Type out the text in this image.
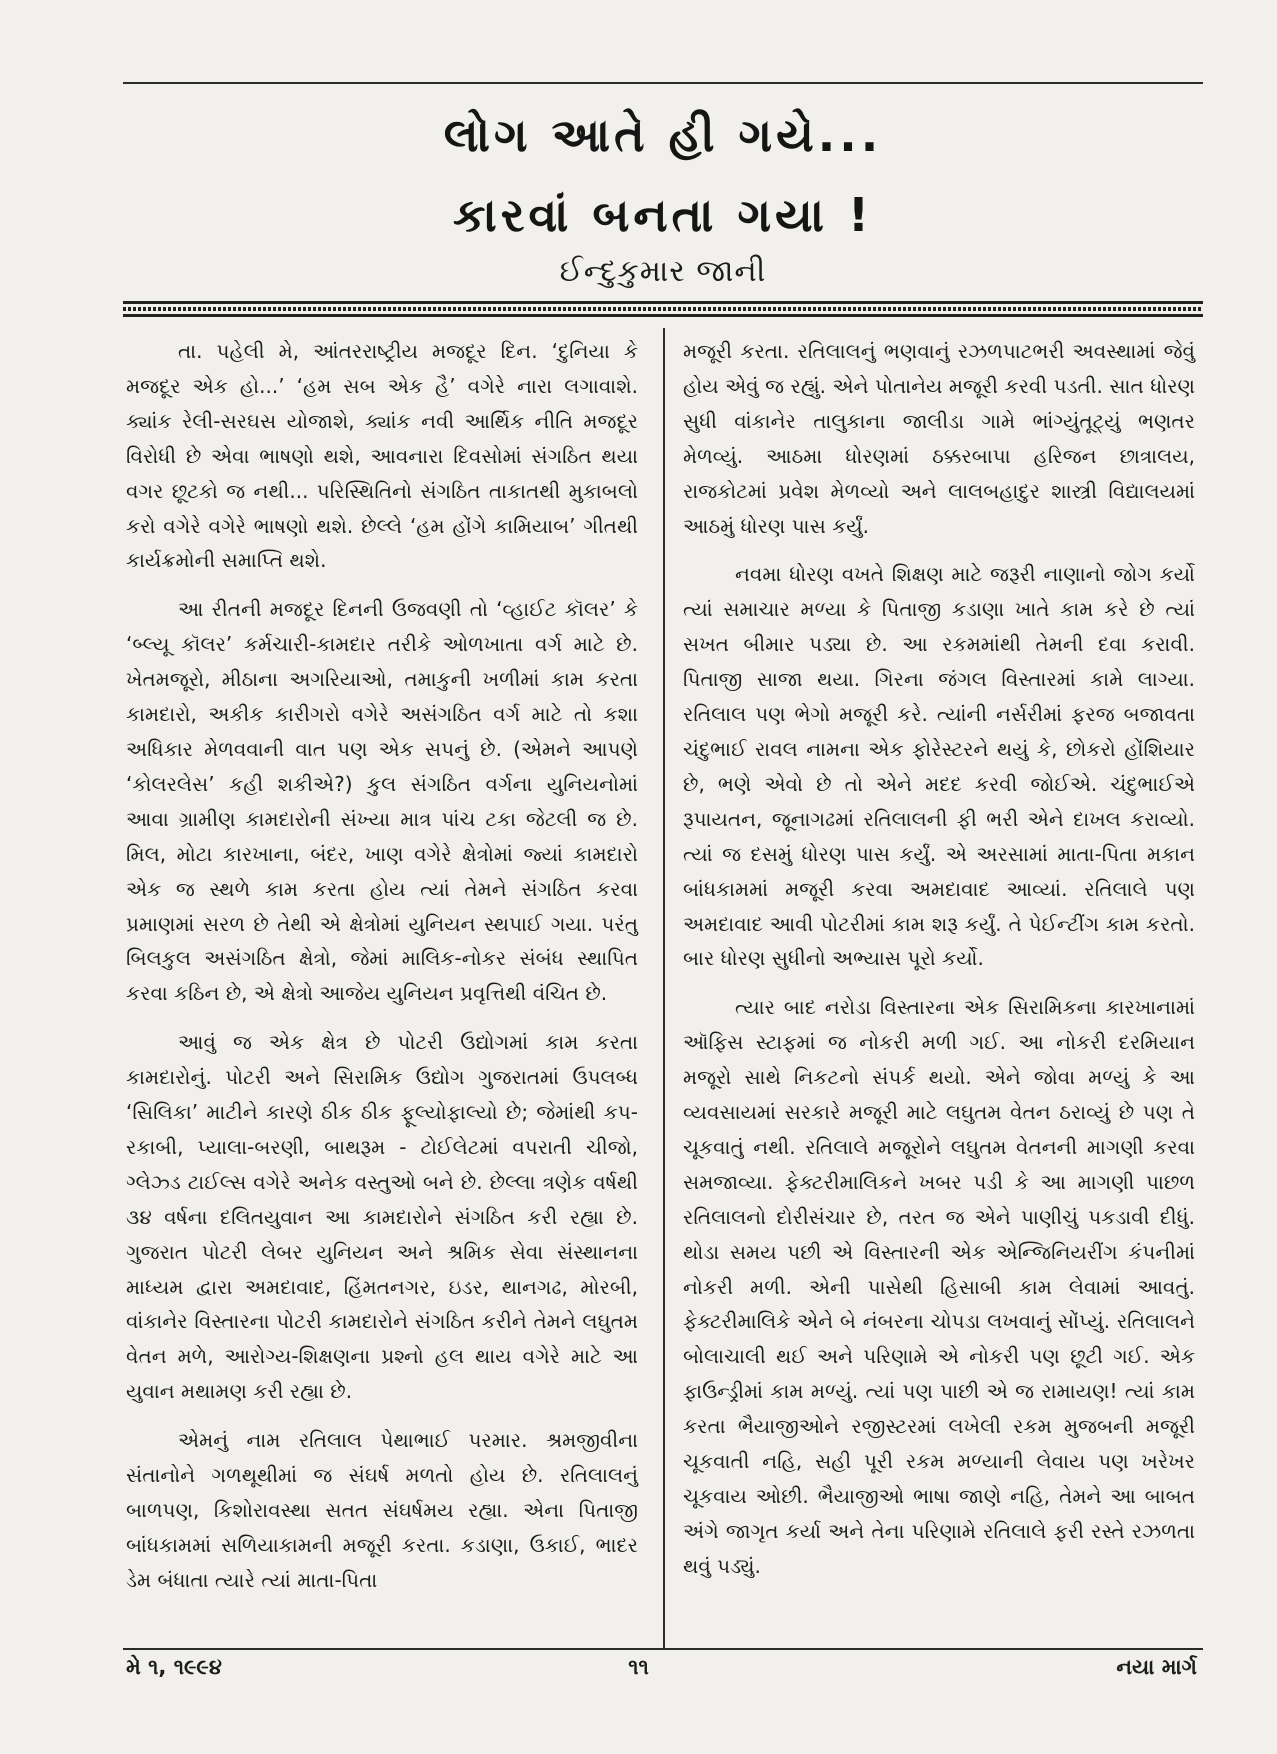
લોગ આતે હી ગયે...
કારવાં બનતા ગયા !
ઈન્દુકુમાર જાની

તા. પહેલી મે, આંતરરાષ્ટ્રીય મજદૂર દિન. ‘દુનિયા કે મજદૂર એક હો...’ ‘હમ સબ એક હૈ’ વગેરે નારા લગાવાશે. ક્યાંક રેલી-સરઘસ યોજાશે, ક્યાંક નવી આર્થિક નીતિ મજદૂર વિરોધી છે એવા ભાષણો થશે, આવનારા દિવસોમાં સંગઠિત થયા વગર છૂટકો જ નથી... પરિસ્થિતિનો સંગઠિત તાકાતથી મુકાબલો કરો વગેરે વગેરે ભાષણો થશે. છેલ્લે ‘હમ હોંગે કામિયાબ’ ગીતથી કાર્યક્રમોની સમાપ્તિ થશે.

આ રીતની મજદૂર દિનની ઉજવણી તો ‘વ્હાઈટ કૉલર’ કે ‘બ્લ્યૂ કૉલર’ કર્મચારી-કામદાર તરીકે ઓળખાતા વર્ગ માટે છે. ખેતમજૂરો, મીઠાના અગરિયાઓ, તમાકુની ખળીમાં કામ કરતા કામદારો, અકીક કારીગરો વગેરે અસંગઠિત વર્ગ માટે તો કશા અધિકાર મેળવવાની વાત પણ એક સપનું છે. (એમને આપણે ‘કોલરલેસ’ કહી શકીએ?) કુલ સંગઠિત વર્ગના યુનિયનોમાં આવા ગ્રામીણ કામદારોની સંખ્યા માત્ર પાંચ ટકા જેટલી જ છે. મિલ, મોટા કારખાના, બંદર, ખાણ વગેરે ક્ષેત્રોમાં જ્યાં કામદારો એક જ સ્થળે કામ કરતા હોય ત્યાં તેમને સંગઠિત કરવા પ્રમાણમાં સરળ છે તેથી એ ક્ષેત્રોમાં યુનિયન સ્થપાઈ ગયા. પરંતુ બિલકુલ અસંગઠિત ક્ષેત્રો, જેમાં માલિક-નોકર સંબંધ સ્થાપિત કરવા કઠિન છે, એ ક્ષેત્રો આજેય યુનિયન પ્રવૃત્તિથી વંચિત છે.

આવું જ એક ક્ષેત્ર છે પોટરી ઉદ્યોગમાં કામ કરતા કામદારોનું. પોટરી અને સિરામિક ઉદ્યોગ ગુજરાતમાં ઉપલબ્ધ ‘સિલિકા’ માટીને કારણે ઠીક ઠીક ફૂલ્યોફાલ્યો છે; જેમાંથી કપ-રકાબી, પ્યાલા-બરણી, બાથરૂમ - ટોઈલેટમાં વપરાતી ચીજો, ગ્લેઝ્ડ ટાઈલ્સ વગેરે અનેક વસ્તુઓ બને છે. છેલ્લા ત્રણેક વર્ષથી ૩૪ વર્ષના દલિતયુવાન આ કામદારોને સંગઠિત કરી રહ્યા છે. ગુજરાત પોટરી લેબર યુનિયન અને શ્રમિક સેવા સંસ્થાનના માધ્યમ દ્વારા અમદાવાદ, હિંમતનગર, ઇડર, થાનગઢ, મોરબી, વાંકાનેર વિસ્તારના પોટરી કામદારોને સંગઠિત કરીને તેમને લઘુતમ વેતન મળે, આરોગ્ય-શિક્ષણના પ્રશ્નો હલ થાય વગેરે માટે આ યુવાન મથામણ કરી રહ્યા છે.

એમનું નામ રતિલાલ પેથાભાઈ પરમાર. શ્રમજીવીના સંતાનોને ગળથૂથીમાં જ સંઘર્ષ મળતો હોય છે. રતિલાલનું બાળપણ, કિશોરાવસ્થા સતત સંઘર્ષમય રહ્યા. એના પિતાજી બાંધકામમાં સળિયાકામની મજૂરી કરતા. કડાણા, ઉકાઈ, ભાદર ડેમ બંધાતા ત્યારે ત્યાં માતા-પિતા

મજૂરી કરતા. રતિલાલનું ભણવાનું રઝળપાટભરી અવસ્થામાં જેવું હોય એવું જ રહ્યું. એને પોતાનેય મજૂરી કરવી પડતી. સાત ધોરણ સુધી વાંકાનેર તાલુકાના જાલીડા ગામે ભાંગ્યુંતૂટ્યું ભણતર મેળવ્યું. આઠમા ધોરણમાં ઠક્કરબાપા હરિજન છાત્રાલય, રાજકોટમાં પ્રવેશ મેળવ્યો અને લાલબહાદુર શાસ્ત્રી વિદ્યાલયમાં આઠમું ધોરણ પાસ કર્યું.

નવમા ધોરણ વખતે શિક્ષણ માટે જરૂરી નાણાનો જોગ કર્યો ત્યાં સમાચાર મળ્યા કે પિતાજી કડાણા ખાતે કામ કરે છે ત્યાં સખત બીમાર પડ્યા છે. આ રકમમાંથી તેમની દવા કરાવી. પિતાજી સાજા થયા. ગિરના જંગલ વિસ્તારમાં કામે લાગ્યા. રતિલાલ પણ ભેગો મજૂરી કરે. ત્યાંની નર્સરીમાં ફરજ બજાવતા ચંદુભાઈ રાવલ નામના એક ફોરેસ્ટરને થયું કે, છોકરો હોંશિયાર છે, ભણે એવો છે તો એને મદદ કરવી જોઈએ. ચંદુભાઈએ રૂપાયતન, જૂનાગઢમાં રતિલાલની ફી ભરી એને દાખલ કરાવ્યો. ત્યાં જ દસમું ધોરણ પાસ કર્યું. એ અરસામાં માતા-પિતા મકાન બાંધકામમાં મજૂરી કરવા અમદાવાદ આવ્યાં. રતિલાલે પણ અમદાવાદ આવી પોટરીમાં કામ શરૂ કર્યું. તે પેઈન્ટીંગ કામ કરતો. બાર ધોરણ સુધીનો અભ્યાસ પૂરો કર્યો.

ત્યાર બાદ નરોડા વિસ્તારના એક સિરામિકના કારખાનામાં ઑફિસ સ્ટાફમાં જ નોકરી મળી ગઈ. આ નોકરી દરમિયાન મજૂરો સાથે નિકટનો સંપર્ક થયો. એને જોવા મળ્યું કે આ વ્યવસાયમાં સરકારે મજૂરી માટે લઘુતમ વેતન ઠરાવ્યું છે પણ તે ચૂકવાતું નથી. રતિલાલે મજૂરોને લઘુતમ વેતનની માગણી કરવા સમજાવ્યા. ફેક્ટરીમાલિકને ખબર પડી કે આ માગણી પાછળ રતિલાલનો દોરીસંચાર છે, તરત જ એને પાણીચું પકડાવી દીધું. થોડા સમય પછી એ વિસ્તારની એક એન્જિનિયરીંગ કંપનીમાં નોકરી મળી. એની પાસેથી હિસાબી કામ લેવામાં આવતું. ફેક્ટરીમાલિકે એને બે નંબરના ચોપડા લખવાનું સોંપ્યું. રતિલાલને બોલાચાલી થઈ અને પરિણામે એ નોકરી પણ છૂટી ગઈ. એક ફાઉન્ડ્રીમાં કામ મળ્યું. ત્યાં પણ પાછી એ જ રામાયણ! ત્યાં કામ કરતા ભૈયાજીઓને રજીસ્ટરમાં લખેલી રકમ મુજબની મજૂરી ચૂકવાતી નહિ, સહી પૂરી રકમ મળ્યાની લેવાય પણ ખરેખર ચૂકવાય ઓછી. ભૈયાજીઓ ભાષા જાણે નહિ, તેમને આ બાબત અંગે જાગૃત કર્યા અને તેના પરિણામે રતિલાલે ફરી રસ્તે રઝળતા થવું પડ્યું.

૧૧
મે ૧, ૧૯૯૪	નયા માર્ગ
